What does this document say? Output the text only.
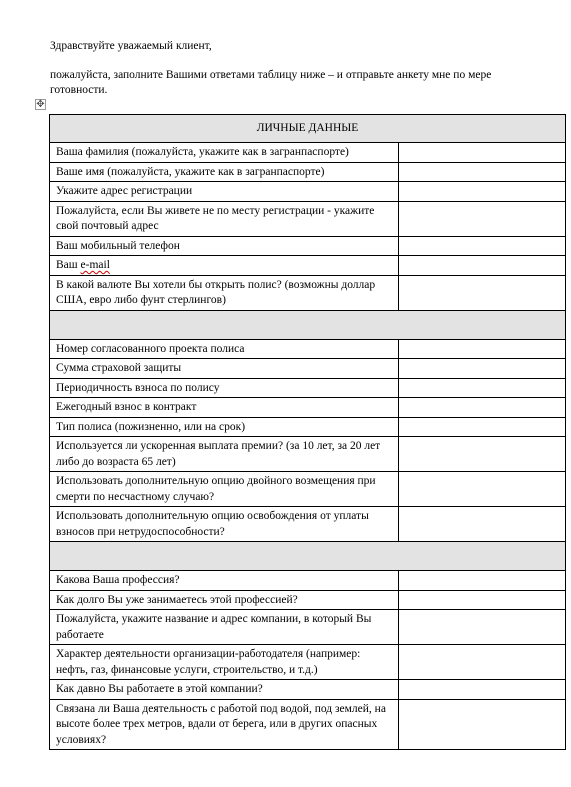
Здравствуйте уважаемый клиент,
пожалуйста, заполните Вашими ответами таблицу ниже – и отправьте анкету мне по мере готовности.
✥
ЛИЧНЫЕ ДАННЫЕ	
Ваша фамилия (пожалуйста, укажите как в загранпаспорте)	
Ваше имя (пожалуйста, укажите как в загранпаспорте)	
Укажите адрес регистрации	
Пожалуйста, если Вы живете не по месту регистрации - укажите свой почтовый адрес	
Ваш мобильный телефон	
Ваш e-mail	
В какой валюте Вы хотели бы открыть полис? (возможны доллар США, евро либо фунт стерлингов)	

Номер согласованного проекта полиса	
Сумма страховой защиты	
Периодичность взноса по полису	
Ежегодный взнос в контракт	
Тип полиса (пожизненно, или на срок)	
Используется ли ускоренная выплата премии? (за 10 лет, за 20 лет либо до возраста 65 лет)	
Использовать дополнительную опцию двойного возмещения при смерти по несчастному случаю?	
Использовать дополнительную опцию освобождения от уплаты взносов при нетрудоспособности?	

Какова Ваша профессия?	
Как долго Вы уже занимаетесь этой профессией?	
Пожалуйста, укажите название и адрес компании, в который Вы работаете	
Характер деятельности организации-работодателя (например: нефть, газ, финансовые услуги, строительство, и т.д.)	
Как давно Вы работаете в этой компании?	
Связана ли Ваша деятельность с работой под водой, под землей, на высоте более трех метров, вдали от берега, или в других опасных условиях?	
